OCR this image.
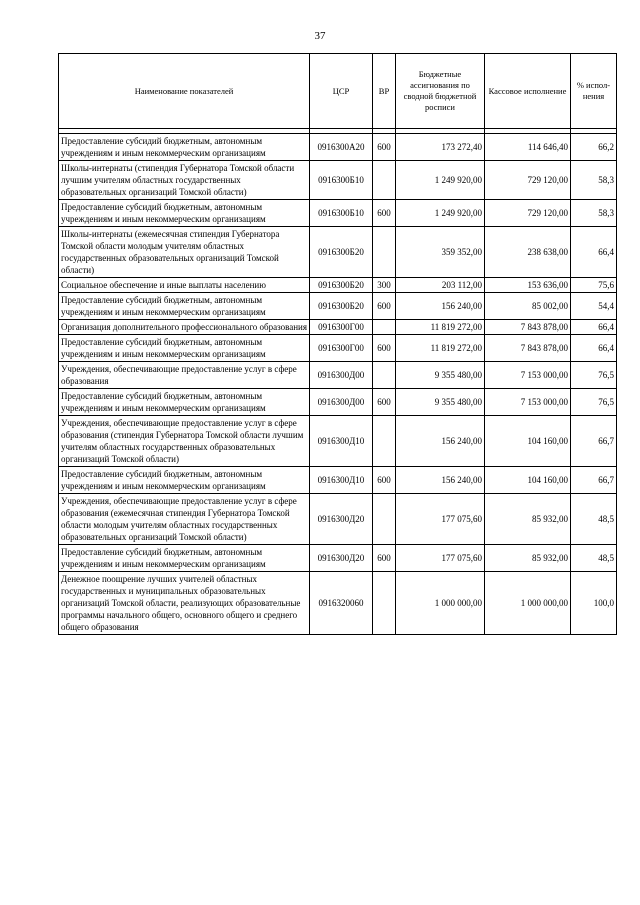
37
Наименование показателей	ЦСР	ВР	Бюджетные ассигнования по сводной бюджетной росписи	Кассовое исполнение	% испол-нения

Предоставление субсидий бюджетным, автономным учреждениям и иным некоммерческим организациям	0916300А20	600	173 272,40	114 646,40	66,2
Школы-интернаты (стипендия Губернатора Томской области лучшим учителям областных государственных образовательных организаций Томской области)	0916300Б10		1 249 920,00	729 120,00	58,3
Предоставление субсидий бюджетным, автономным учреждениям и иным некоммерческим организациям	0916300Б10	600	1 249 920,00	729 120,00	58,3
Школы-интернаты (ежемесячная стипендия Губернатора Томской области молодым учителям областных государственных образовательных организаций Томской области)	0916300Б20		359 352,00	238 638,00	66,4
Социальное обеспечение и иные выплаты населению	0916300Б20	300	203 112,00	153 636,00	75,6
Предоставление субсидий бюджетным, автономным учреждениям и иным некоммерческим организациям	0916300Б20	600	156 240,00	85 002,00	54,4
Организация дополнительного профессионального образования	0916300Г00		11 819 272,00	7 843 878,00	66,4
Предоставление субсидий бюджетным, автономным учреждениям и иным некоммерческим организациям	0916300Г00	600	11 819 272,00	7 843 878,00	66,4
Учреждения, обеспечивающие предоставление услуг в сфере образования	0916300Д00		9 355 480,00	7 153 000,00	76,5
Предоставление субсидий бюджетным, автономным учреждениям и иным некоммерческим организациям	0916300Д00	600	9 355 480,00	7 153 000,00	76,5
Учреждения, обеспечивающие предоставление услуг в сфере образования (стипендия Губернатора Томской области лучшим учителям областных государственных образовательных организаций Томской области)	0916300Д10		156 240,00	104 160,00	66,7
Предоставление субсидий бюджетным, автономным учреждениям и иным некоммерческим организациям	0916300Д10	600	156 240,00	104 160,00	66,7
Учреждения, обеспечивающие предоставление услуг в сфере образования (ежемесячная стипендия Губернатора Томской области молодым учителям областных государственных образовательных организаций Томской области)	0916300Д20		177 075,60	85 932,00	48,5
Предоставление субсидий бюджетным, автономным учреждениям и иным некоммерческим организациям	0916300Д20	600	177 075,60	85 932,00	48,5
Денежное поощрение лучших учителей областных государственных и муниципальных образовательных организаций Томской области, реализующих образовательные программы начального общего, основного общего и среднего общего образования	0916320060		1 000 000,00	1 000 000,00	100,0
